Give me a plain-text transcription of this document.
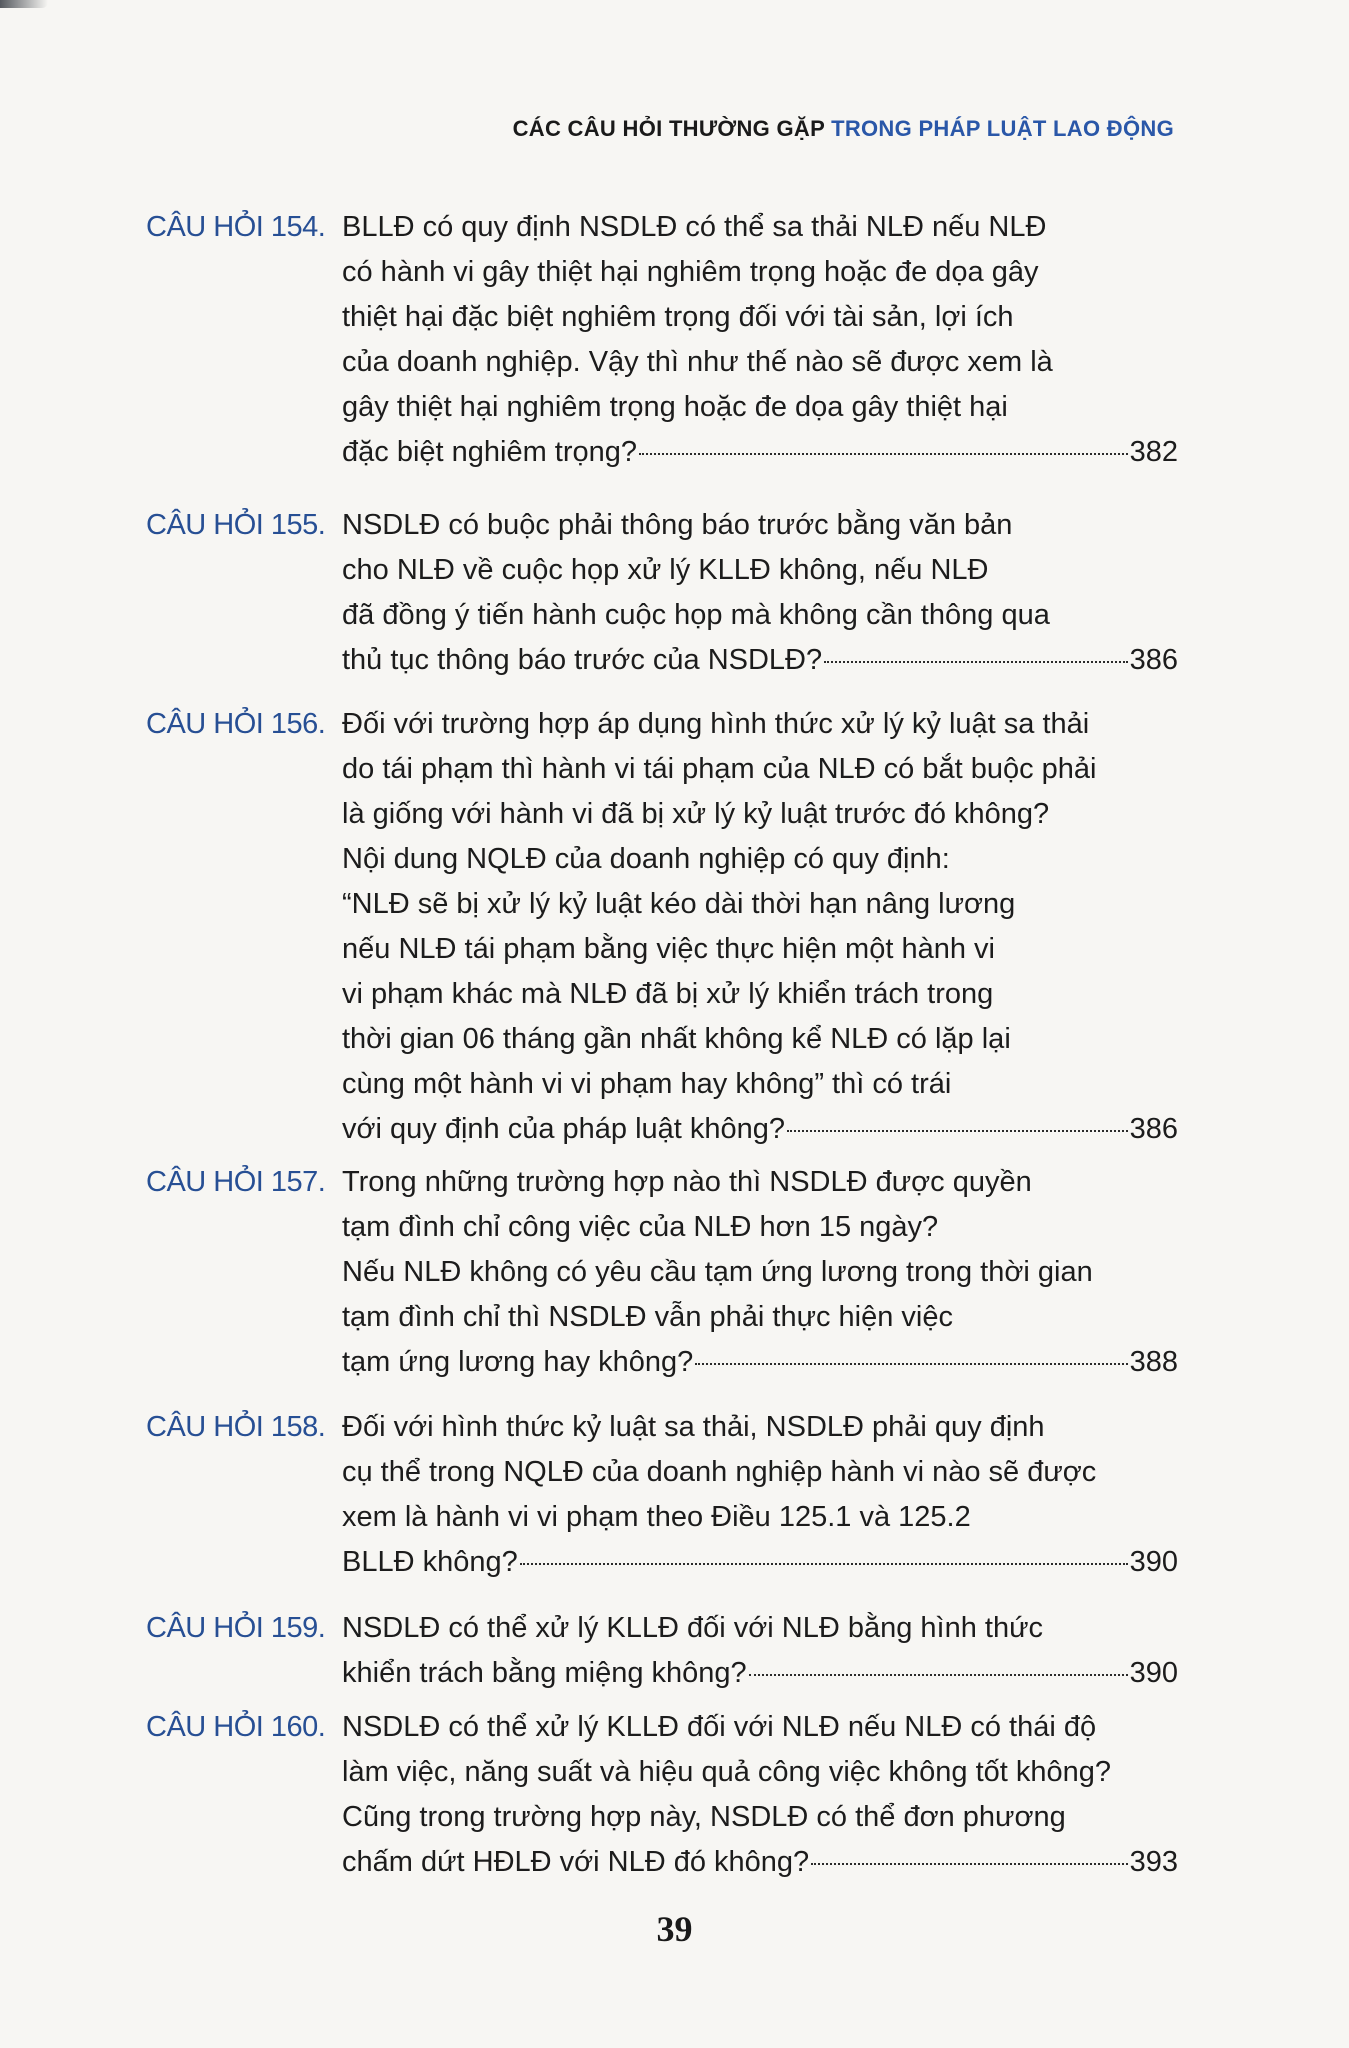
CÁC CÂU HỎI THƯỜNG GẶP TRONG PHÁP LUẬT LAO ĐỘNG
CÂU HỎI 154. BLLĐ có quy định NSDLĐ có thể sa thải NLĐ nếu NLĐ
có hành vi gây thiệt hại nghiêm trọng hoặc đe dọa gây
thiệt hại đặc biệt nghiêm trọng đối với tài sản, lợi ích
của doanh nghiệp. Vậy thì như thế nào sẽ được xem là
gây thiệt hại nghiêm trọng hoặc đe dọa gây thiệt hại
đặc biệt nghiêm trọng?	382
CÂU HỎI 155. NSDLĐ có buộc phải thông báo trước bằng văn bản
cho NLĐ về cuộc họp xử lý KLLĐ không, nếu NLĐ
đã đồng ý tiến hành cuộc họp mà không cần thông qua
thủ tục thông báo trước của NSDLĐ?	386
CÂU HỎI 156. Đối với trường hợp áp dụng hình thức xử lý kỷ luật sa thải
do tái phạm thì hành vi tái phạm của NLĐ có bắt buộc phải
là giống với hành vi đã bị xử lý kỷ luật trước đó không?
Nội dung NQLĐ của doanh nghiệp có quy định:
“NLĐ sẽ bị xử lý kỷ luật kéo dài thời hạn nâng lương
nếu NLĐ tái phạm bằng việc thực hiện một hành vi
vi phạm khác mà NLĐ đã bị xử lý khiển trách trong
thời gian 06 tháng gần nhất không kể NLĐ có lặp lại
cùng một hành vi vi phạm hay không” thì có trái
với quy định của pháp luật không?	386
CÂU HỎI 157. Trong những trường hợp nào thì NSDLĐ được quyền
tạm đình chỉ công việc của NLĐ hơn 15 ngày?
Nếu NLĐ không có yêu cầu tạm ứng lương trong thời gian
tạm đình chỉ thì NSDLĐ vẫn phải thực hiện việc
tạm ứng lương hay không?	388
CÂU HỎI 158. Đối với hình thức kỷ luật sa thải, NSDLĐ phải quy định
cụ thể trong NQLĐ của doanh nghiệp hành vi nào sẽ được
xem là hành vi vi phạm theo Điều 125.1 và 125.2
BLLĐ không?	390
CÂU HỎI 159. NSDLĐ có thể xử lý KLLĐ đối với NLĐ bằng hình thức
khiển trách bằng miệng không?	390
CÂU HỎI 160. NSDLĐ có thể xử lý KLLĐ đối với NLĐ nếu NLĐ có thái độ
làm việc, năng suất và hiệu quả công việc không tốt không?
Cũng trong trường hợp này, NSDLĐ có thể đơn phương
chấm dứt HĐLĐ với NLĐ đó không?	393
39
